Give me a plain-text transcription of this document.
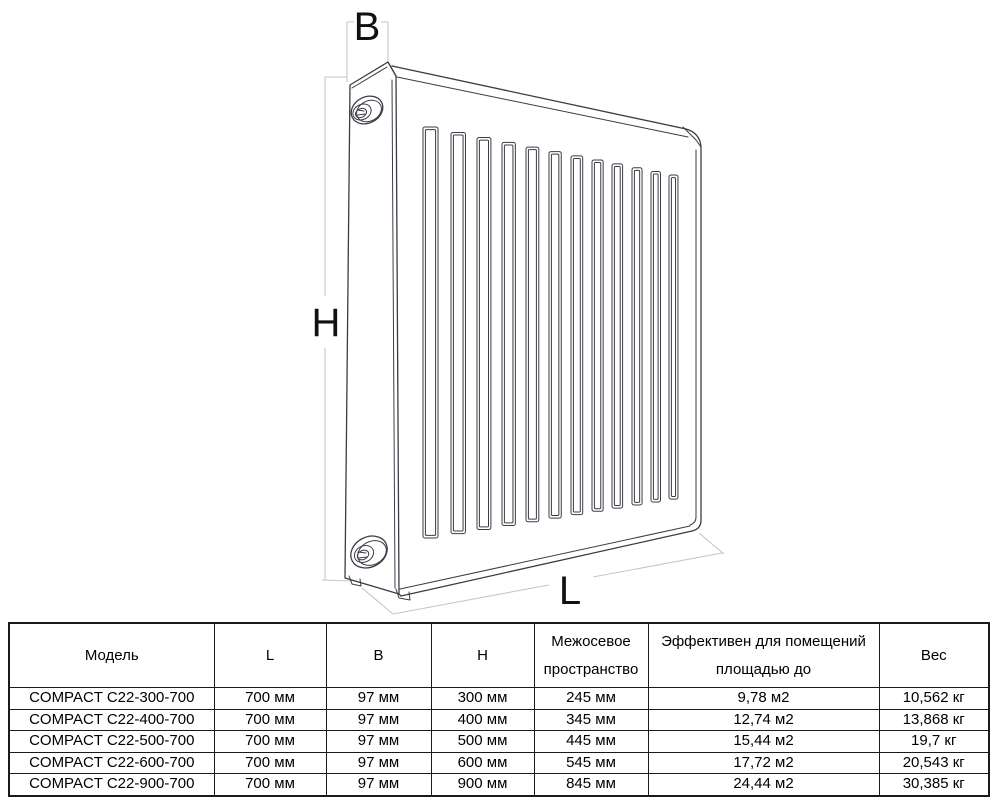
B
H
L
Модель	L	B	H	Межосевое пространство	Эффективен для помещений площадью до	Вес
COMPACT C22-300-700	700 мм	97 мм	300 мм	245 мм	9,78 м2	10,562 кг
COMPACT C22-400-700	700 мм	97 мм	400 мм	345 мм	12,74 м2	13,868 кг
COMPACT C22-500-700	700 мм	97 мм	500 мм	445 мм	15,44 м2	19,7 кг
COMPACT C22-600-700	700 мм	97 мм	600 мм	545 мм	17,72 м2	20,543 кг
COMPACT C22-900-700	700 мм	97 мм	900 мм	845 мм	24,44 м2	30,385 кг
